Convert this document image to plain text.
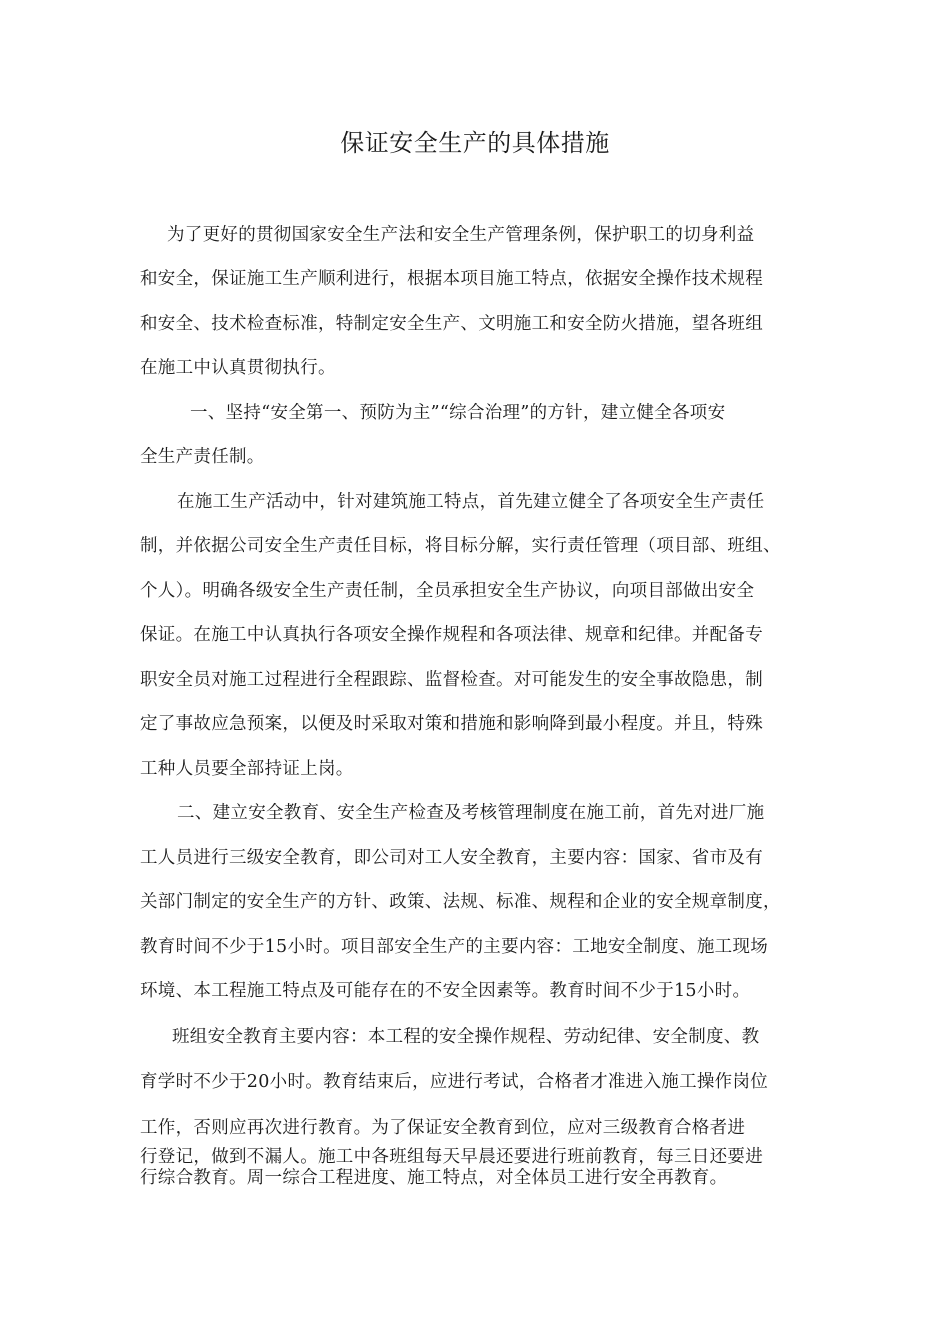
保证安全生产的具体措施
为了更好的贯彻国家安全生产法和安全生产管理条例，保护职工的切身利益
和安全，保证施工生产顺利进行，根据本项目施工特点，依据安全操作技术规程
和安全、技术检查标准，特制定安全生产、文明施工和安全防火措施，望各班组
在施工中认真贯彻执行。
一、坚持“安全第一、预防为主”“综合治理”的方针，建立健全各项安
全生产责任制。
在施工生产活动中，针对建筑施工特点，首先建立健全了各项安全生产责任
制，并依据公司安全生产责任目标，将目标分解，实行责任管理（项目部、班组、
个人）。明确各级安全生产责任制，全员承担安全生产协议，向项目部做出安全
保证。在施工中认真执行各项安全操作规程和各项法律、规章和纪律。并配备专
职安全员对施工过程进行全程跟踪、监督检查。对可能发生的安全事故隐患，制
定了事故应急预案，以便及时采取对策和措施和影响降到最小程度。并且，特殊
工种人员要全部持证上岗。
二、建立安全教育、安全生产检查及考核管理制度在施工前，首先对进厂施
工人员进行三级安全教育，即公司对工人安全教育，主要内容：国家、省市及有
关部门制定的安全生产的方针、政策、法规、标准、规程和企业的安全规章制度，
教育时间不少于15小时。项目部安全生产的主要内容：工地安全制度、施工现场
环境、本工程施工特点及可能存在的不安全因素等。教育时间不少于15小时。
班组安全教育主要内容：本工程的安全操作规程、劳动纪律、安全制度、教
育学时不少于20小时。教育结束后，应进行考试，合格者才准进入施工操作岗位
工作，否则应再次进行教育。为了保证安全教育到位，应对三级教育合格者进
行登记，做到不漏人。施工中各班组每天早晨还要进行班前教育，每三日还要进
行综合教育。周一综合工程进度、施工特点，对全体员工进行安全再教育。
